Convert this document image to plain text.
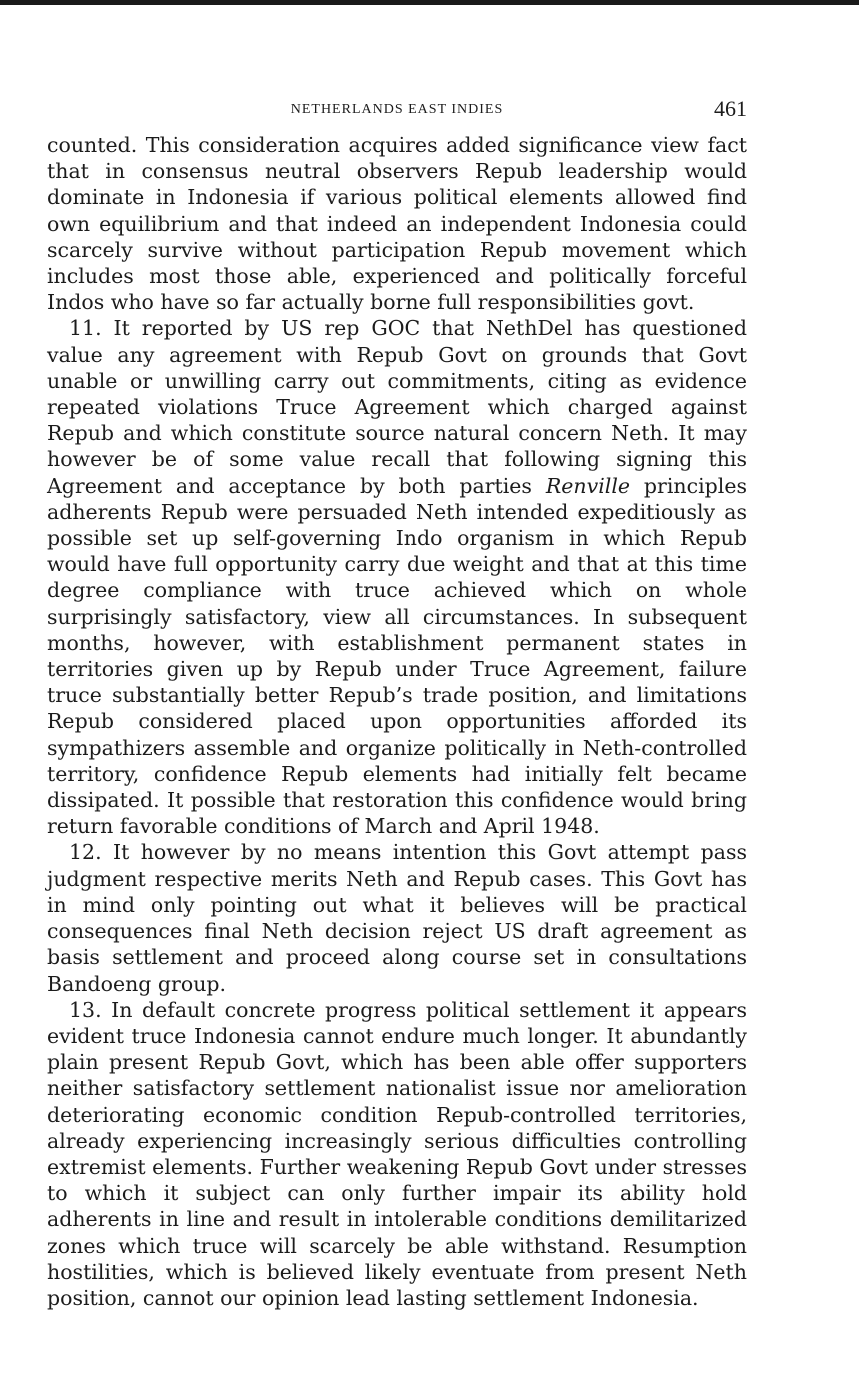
NETHERLANDS EAST INDIES	461

counted. This consideration acquires added significance view fact that in consensus neutral observers Repub leadership would dominate in Indonesia if various political elements allowed find own equilibrium and that indeed an independent Indonesia could scarcely survive without participation Repub movement which includes most those able, experienced and politically forceful Indos who have so far actually borne full responsibilities govt.

11. It reported by US rep GOC that NethDel has questioned value any agreement with Repub Govt on grounds that Govt unable or unwilling carry out commitments, citing as evidence repeated violations Truce Agreement which charged against Repub and which constitute source natural concern Neth. It may however be of some value recall that following signing this Agreement and acceptance by both parties Renville principles adherents Repub were persuaded Neth intended expeditiously as possible set up self-governing Indo organism in which Repub would have full opportunity carry due weight and that at this time degree compliance with truce achieved which on whole surprisingly satisfactory, view all circumstances. In subsequent months, however, with establishment permanent states in territories given up by Repub under Truce Agreement, failure truce substantially better Repub’s trade position, and limitations Repub considered placed upon opportunities afforded its sympathizers assemble and organize politically in Neth-controlled territory, confidence Repub elements had initially felt became dissipated. It possible that restoration this confidence would bring return favorable conditions of March and April 1948.

12. It however by no means intention this Govt attempt pass judgment respective merits Neth and Repub cases. This Govt has in mind only pointing out what it believes will be practical consequences final Neth decision reject US draft agreement as basis settlement and proceed along course set in consultations Bandoeng group.

13. In default concrete progress political settlement it appears evident truce Indonesia cannot endure much longer. It abundantly plain present Repub Govt, which has been able offer supporters neither satisfactory settlement nationalist issue nor amelioration deteriorating economic condition Repub-controlled territories, already experiencing increasingly serious difficulties controlling extremist elements. Further weakening Repub Govt under stresses to which it subject can only further impair its ability hold adherents in line and result in intolerable conditions demilitarized zones which truce will scarcely be able withstand. Resumption hostilities, which is believed likely eventuate from present Neth position, cannot our opinion lead lasting settlement Indonesia.
